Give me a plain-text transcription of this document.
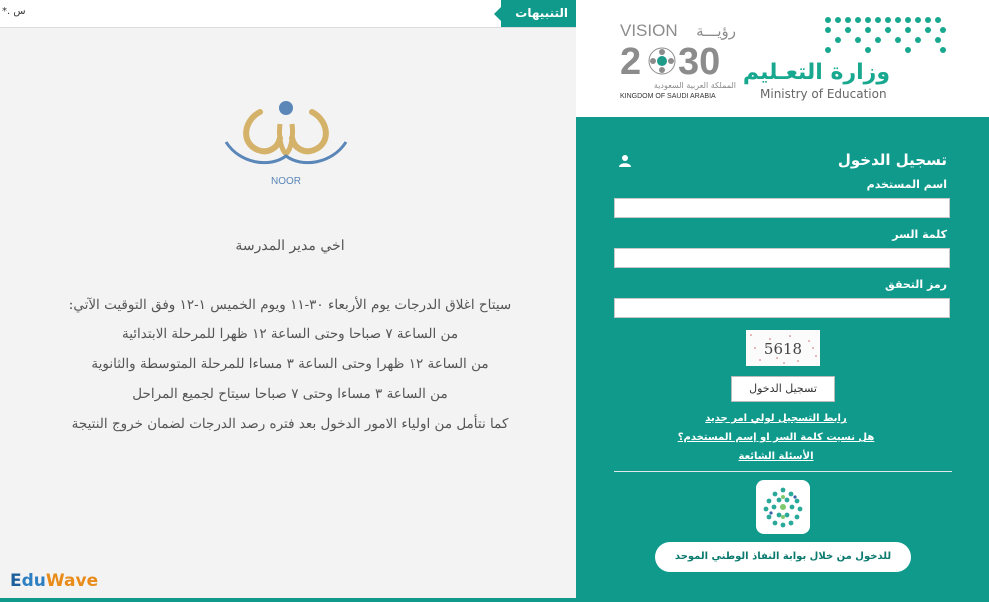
*. س	التنبيهات
NOOR
اخي مدير المدرسة
سيتاح اغلاق الدرجات يوم الأربعاء ٣٠-١١ ويوم الخميس ١-١٢ وفق التوقيت الآتي:
من الساعة ٧ صباحا وحتى الساعة ١٢ ظهرا للمرحلة الابتدائية
من الساعة ١٢ ظهرا وحتى الساعة ٣ مساءا للمرحلة المتوسطة والثانوية
من الساعة ٣ مساءا وحتى ٧ صباحا سيتاح لجميع المراحل
كما نتأمل من اولياء الامور الدخول بعد فتره رصد الدرجات لضمان خروج النتيجة
EduWave
VISION رؤيـــة
2 30
المملكة العربية السعودية
KINGDOM OF SAUDI ARABIA
وزارة التعـليم
Ministry of Education
تسجيل الدخول
اسم المستخدم
كلمة السر
رمز التحقق
5618
تسجيل الدخول
رابط التسجيل لولي امر جديد
هل نسيت كلمة السر او إسم المستخدم؟
الأسئلة الشائعة
للدخول من خلال بوابة النفاذ الوطني الموحد
